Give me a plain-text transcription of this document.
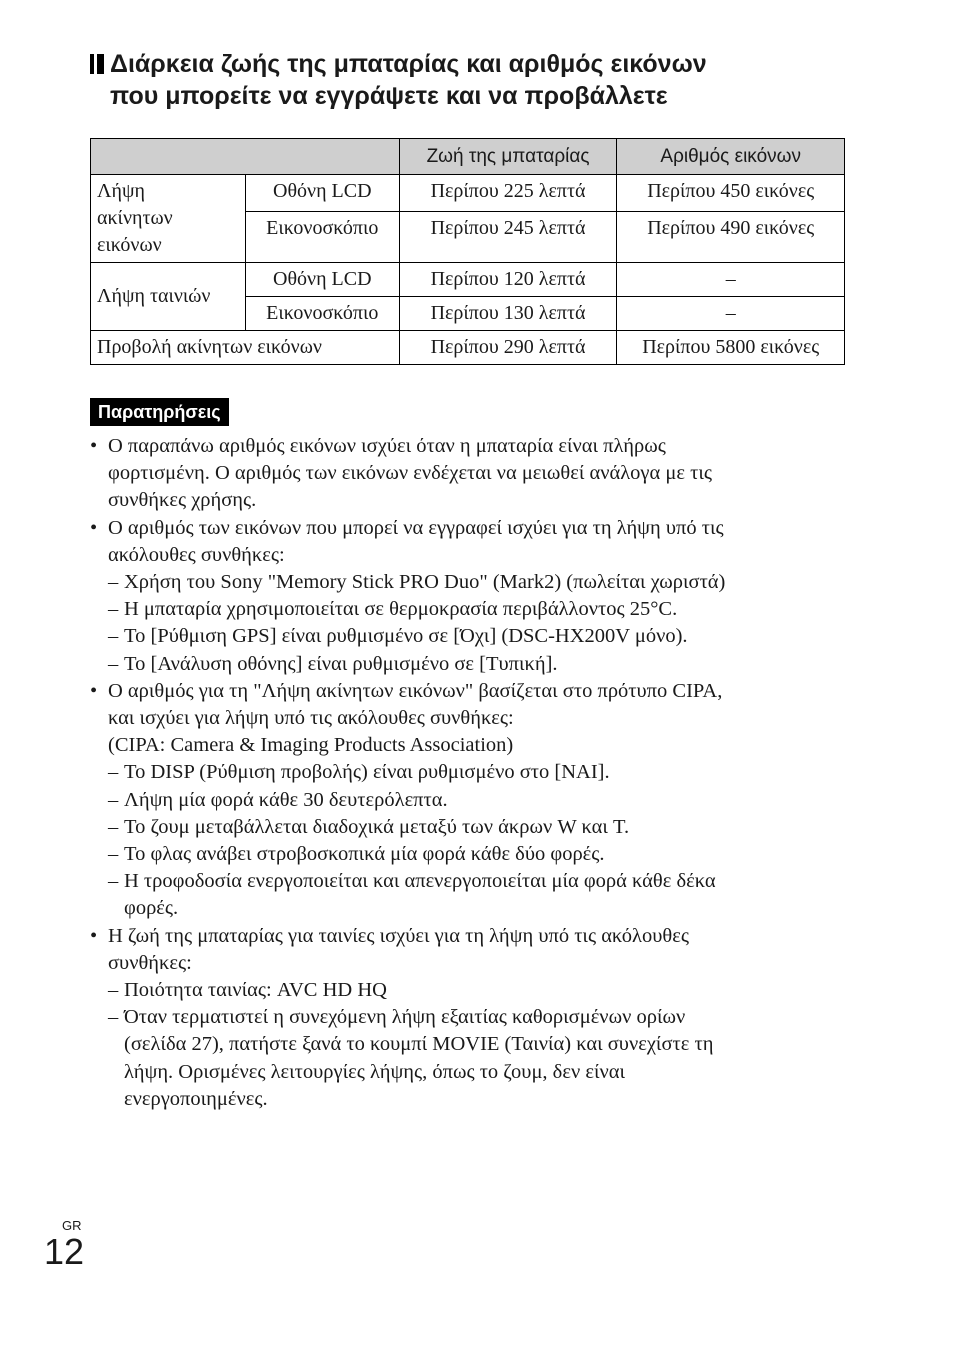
Διάρκεια ζωής της μπαταρίας και αριθμός εικόνων
που μπορείτε να εγγράψετε και να προβάλλετε
		Ζωή της μπαταρίας	Αριθμός εικόνων

Λήψη
ακίνητων
εικόνων	Οθόνη LCD	Περίπου 225 λεπτά	Περίπου 450 εικόνες
	Εικονοσκόπιο	Περίπου 245 λεπτά	Περίπου 490 εικόνες
Λήψη ταινιών	Οθόνη LCD	Περίπου 120 λεπτά	–
	Εικονοσκόπιο	Περίπου 130 λεπτά	–
Προβολή ακίνητων εικόνων		Περίπου 290 λεπτά	Περίπου 5800 εικόνες
Παρατηρήσεις
• Ο παραπάνω αριθμός εικόνων ισχύει όταν η μπαταρία είναι πλήρως
φορτισμένη. Ο αριθμός των εικόνων ενδέχεται να μειωθεί ανάλογα με τις
συνθήκες χρήσης.
• Ο αριθμός των εικόνων που μπορεί να εγγραφεί ισχύει για τη λήψη υπό τις
ακόλουθες συνθήκες:
– Χρήση του Sony "Memory Stick PRO Duo" (Mark2) (πωλείται χωριστά)
– Η μπαταρία χρησιμοποιείται σε θερμοκρασία περιβάλλοντος 25°C.
– Το [Ρύθμιση GPS] είναι ρυθμισμένο σε [Όχι] (DSC-HX200V μόνο).
– Το [Ανάλυση οθόνης] είναι ρυθμισμένο σε [Τυπική].
• Ο αριθμός για τη "Λήψη ακίνητων εικόνων" βασίζεται στο πρότυπο CIPA,
και ισχύει για λήψη υπό τις ακόλουθες συνθήκες:
(CIPA: Camera & Imaging Products Association)
– Το DISP (Ρύθμιση προβολής) είναι ρυθμισμένο στο [ΝΑΙ].
– Λήψη μία φορά κάθε 30 δευτερόλεπτα.
– Το ζουμ μεταβάλλεται διαδοχικά μεταξύ των άκρων W και T.
– Το φλας ανάβει στροβοσκοπικά μία φορά κάθε δύο φορές.
– Η τροφοδοσία ενεργοποιείται και απενεργοποιείται μία φορά κάθε δέκα
φορές.
• Η ζωή της μπαταρίας για ταινίες ισχύει για τη λήψη υπό τις ακόλουθες
συνθήκες:
– Ποιότητα ταινίας: AVC HD HQ
– Όταν τερματιστεί η συνεχόμενη λήψη εξαιτίας καθορισμένων ορίων
(σελίδα 27), πατήστε ξανά το κουμπί MOVIE (Ταινία) και συνεχίστε τη
λήψη. Ορισμένες λειτουργίες λήψης, όπως το ζουμ, δεν είναι
ενεργοποιημένες.
GR
12
